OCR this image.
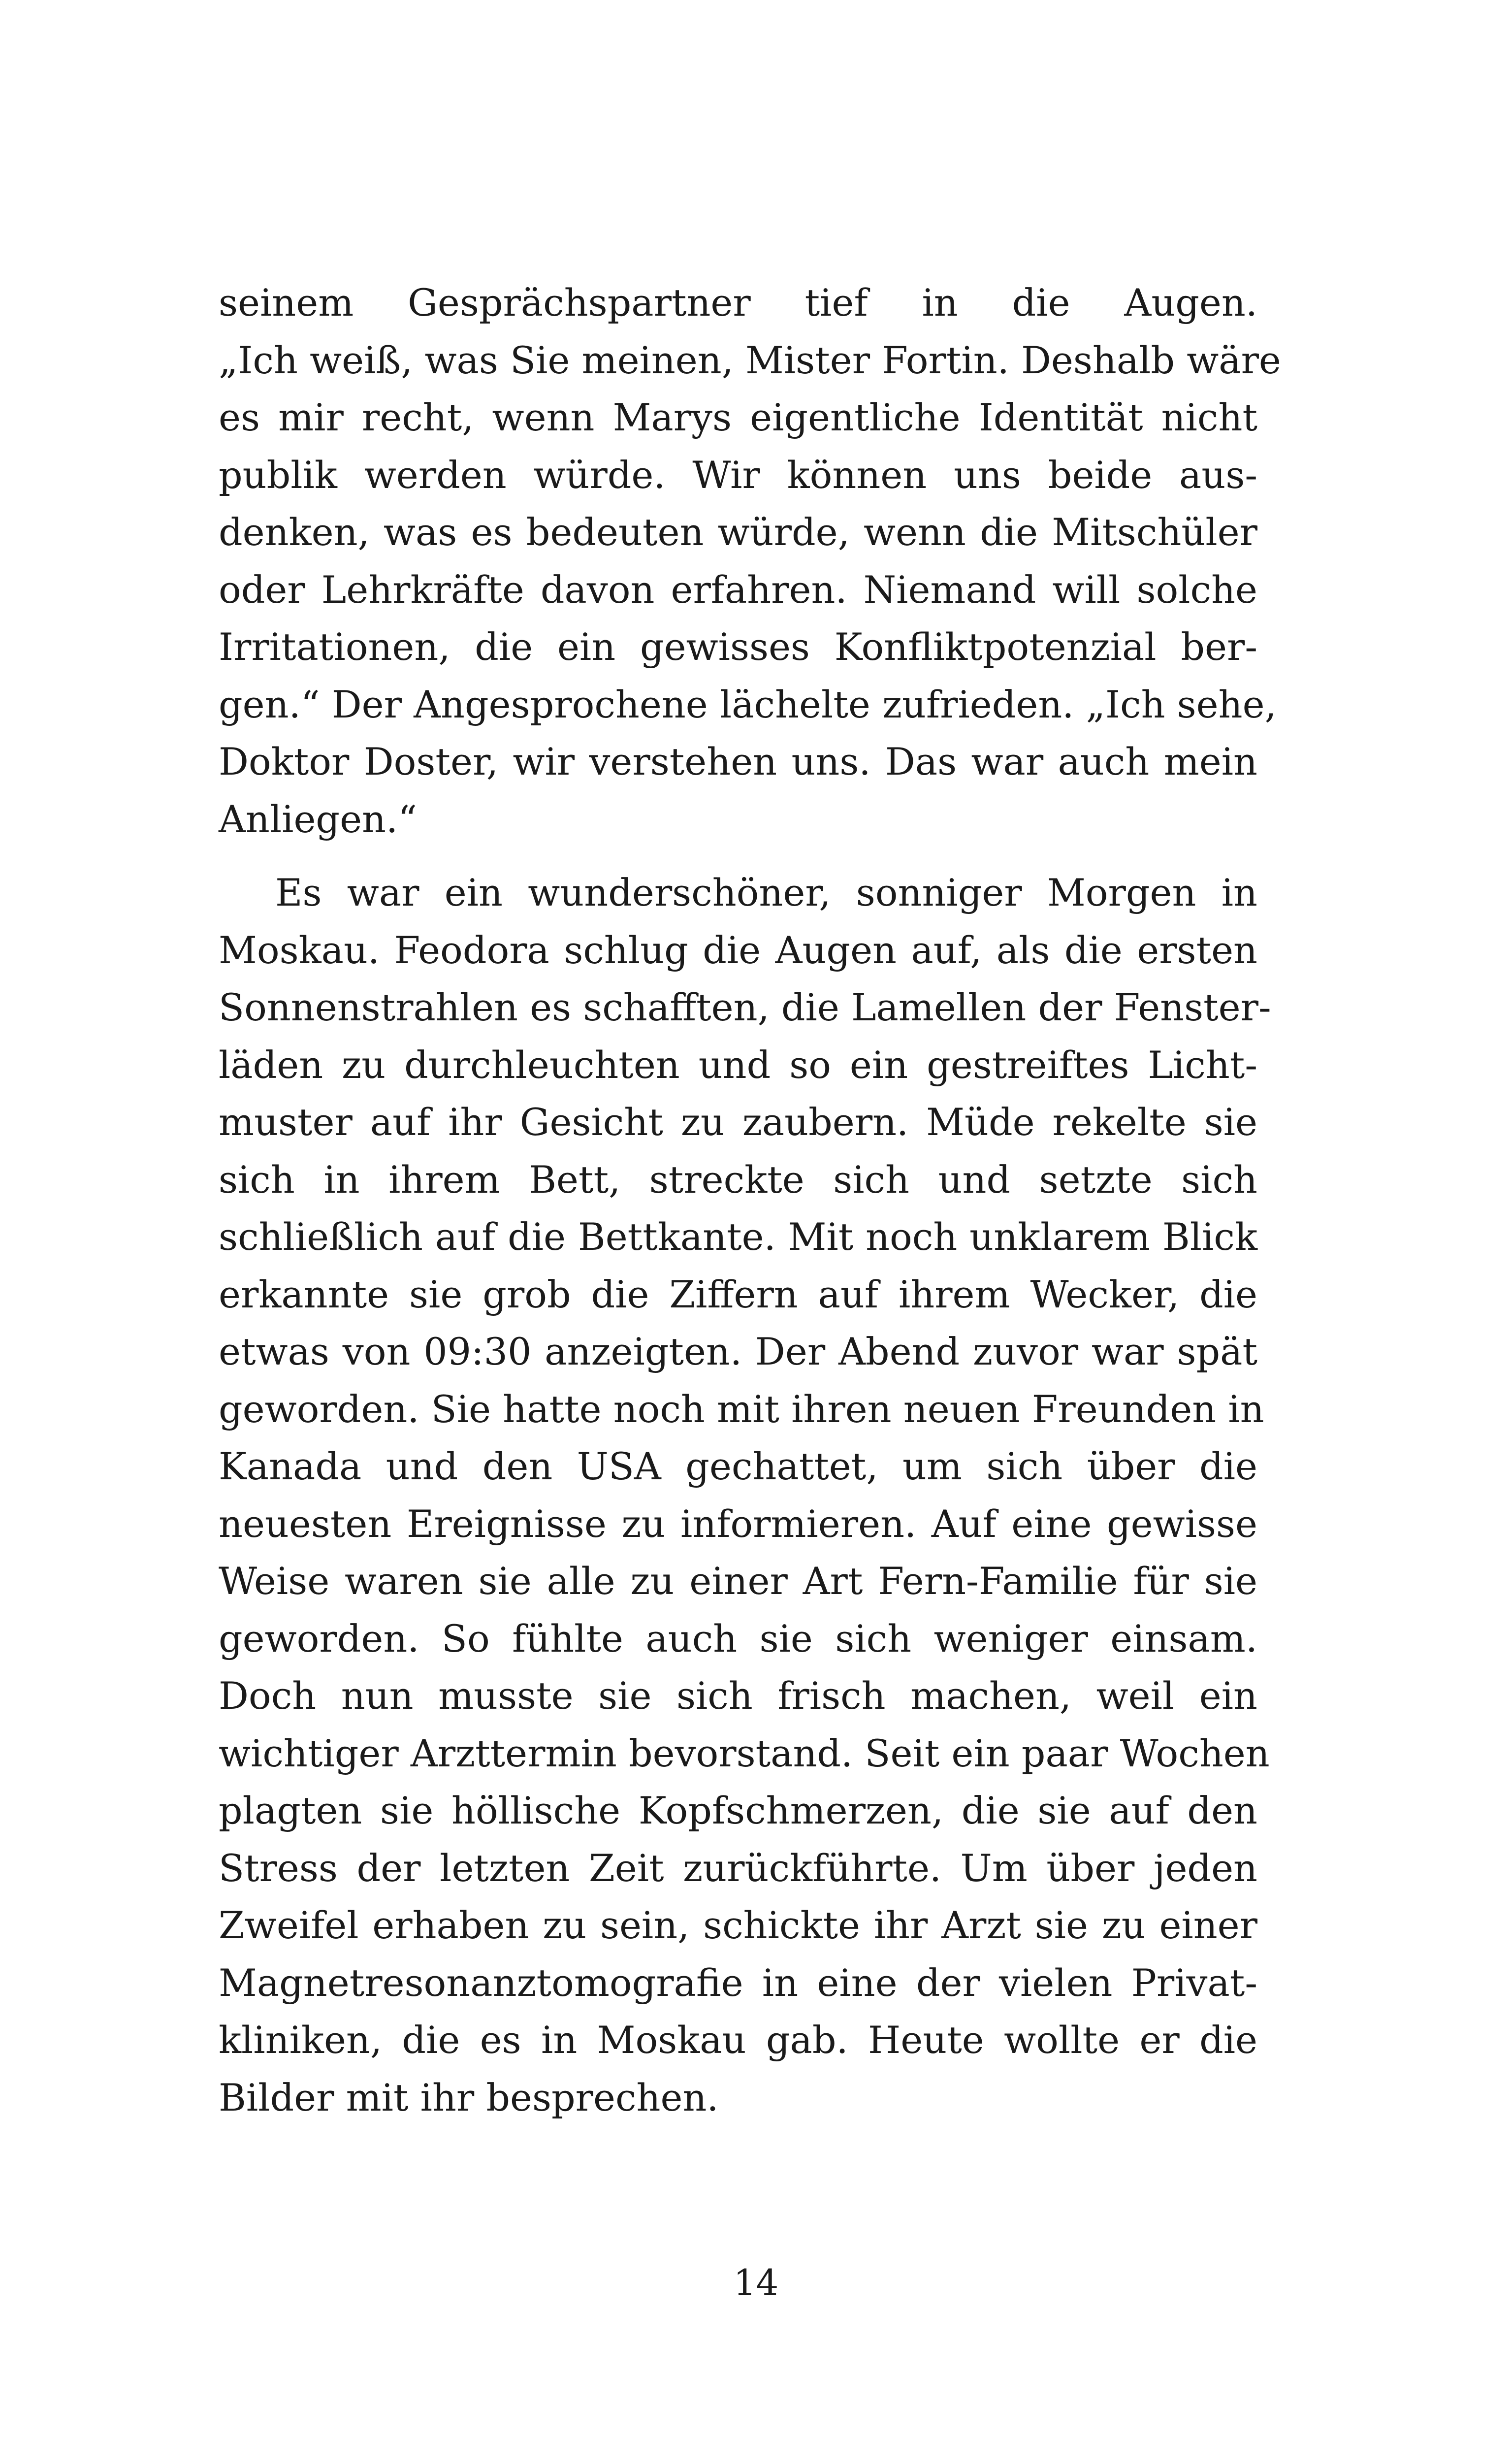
seinem Gesprächspartner tief in die Augen.
„Ich weiß, was Sie meinen, Mister Fortin. Deshalb wäre
es mir recht, wenn Marys eigentliche Identität nicht
publik werden würde. Wir können uns beide aus-
denken, was es bedeuten würde, wenn die Mitschüler
oder Lehrkräfte davon erfahren. Niemand will solche
Irritationen, die ein gewisses Konfliktpotenzial ber-
gen.“ Der Angesprochene lächelte zufrieden. „Ich sehe,
Doktor Doster, wir verstehen uns. Das war auch mein
Anliegen.“
Es war ein wunderschöner, sonniger Morgen in
Moskau. Feodora schlug die Augen auf, als die ersten
Sonnenstrahlen es schafften, die Lamellen der Fenster-
läden zu durchleuchten und so ein gestreiftes Licht-
muster auf ihr Gesicht zu zaubern. Müde rekelte sie
sich in ihrem Bett, streckte sich und setzte sich
schließlich auf die Bettkante. Mit noch unklarem Blick
erkannte sie grob die Ziffern auf ihrem Wecker, die
etwas von 09:30 anzeigten. Der Abend zuvor war spät
geworden. Sie hatte noch mit ihren neuen Freunden in
Kanada und den USA gechattet, um sich über die
neuesten Ereignisse zu informieren. Auf eine gewisse
Weise waren sie alle zu einer Art Fern-Familie für sie
geworden. So fühlte auch sie sich weniger einsam.
Doch nun musste sie sich frisch machen, weil ein
wichtiger Arzttermin bevorstand. Seit ein paar Wochen
plagten sie höllische Kopfschmerzen, die sie auf den
Stress der letzten Zeit zurückführte. Um über jeden
Zweifel erhaben zu sein, schickte ihr Arzt sie zu einer
Magnetresonanztomografie in eine der vielen Privat-
kliniken, die es in Moskau gab. Heute wollte er die
Bilder mit ihr besprechen.
14
